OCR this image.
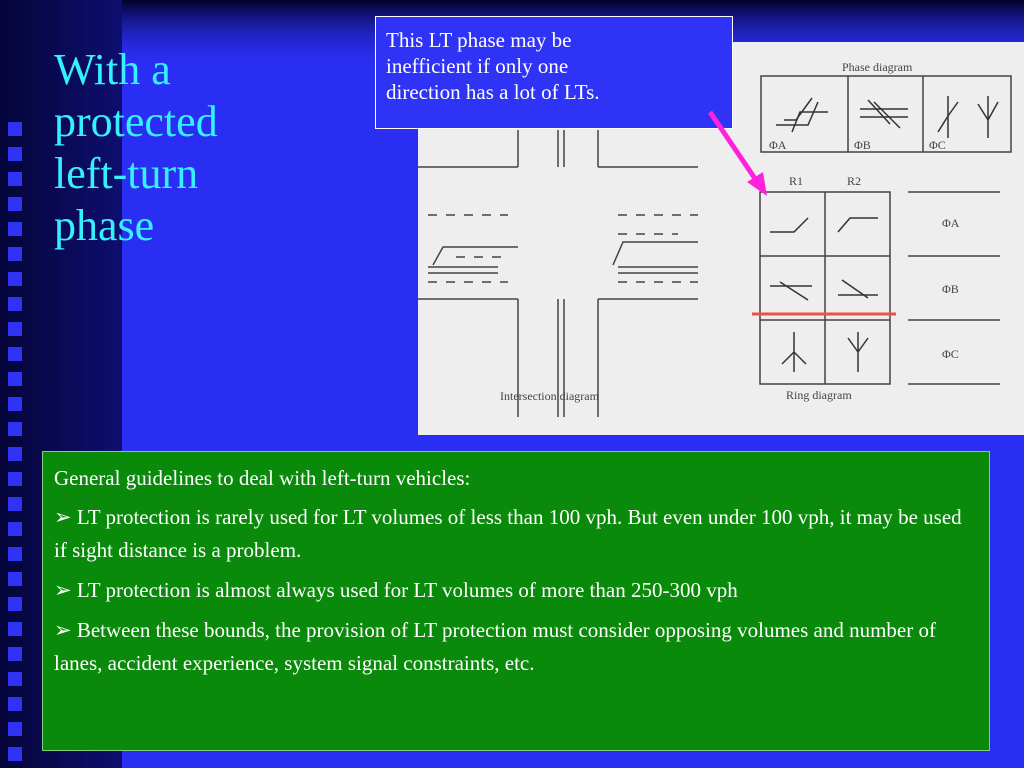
With a
protected
left-turn
phase
Intersection diagram
Phase diagram
ΦA	ΦB	ΦC
R1	R2
ΦA
ΦB
ΦC
Ring diagram
This LT phase may be
inefficient if only one
direction has a lot of LTs.

General guidelines to deal with left-turn vehicles:

➢ LT protection is rarely used for LT volumes of less than 100 vph. But even under 100 vph, it may be used if sight distance is a problem.

➢ LT protection is almost always used for LT volumes of more than 250-300 vph

➢ Between these bounds, the provision of LT protection must consider opposing volumes and number of lanes, accident experience, system signal constraints, etc.
